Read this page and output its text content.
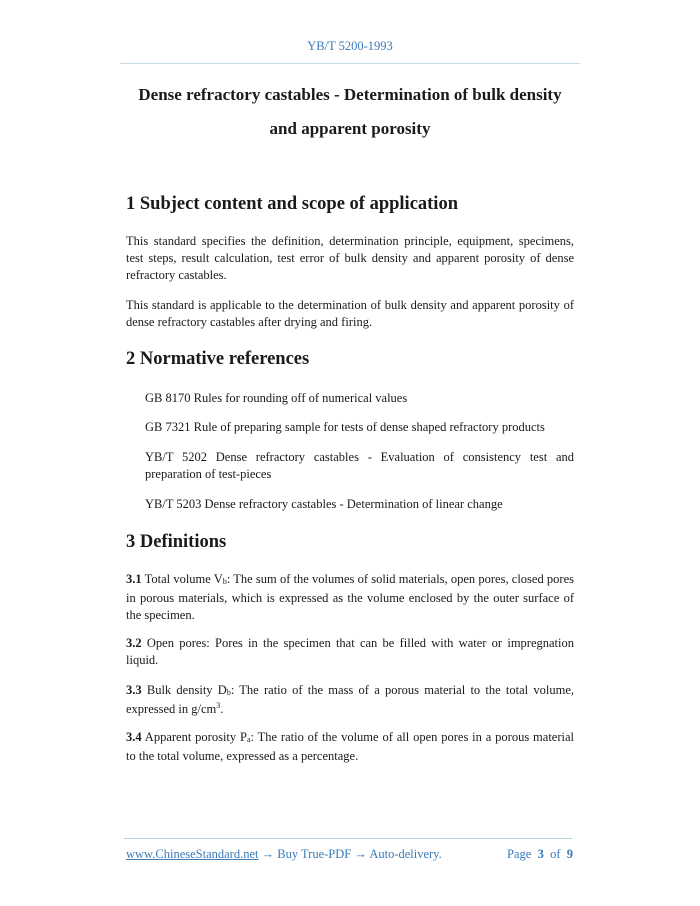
YB/T 5200-1993
Dense refractory castables - Determination of bulk density
and apparent porosity
1 Subject content and scope of application

This standard specifies the definition, determination principle, equipment, specimens, test steps, result calculation, test error of bulk density and apparent porosity of dense refractory castables.

This standard is applicable to the determination of bulk density and apparent porosity of dense refractory castables after drying and firing.

2 Normative references

GB 8170 Rules for rounding off of numerical values

GB 7321 Rule of preparing sample for tests of dense shaped refractory products

YB/T 5202 Dense refractory castables - Evaluation of consistency test and preparation of test-pieces

YB/T 5203 Dense refractory castables - Determination of linear change

3 Definitions

3.1 Total volume $V_b$: The sum of the volumes of solid materials, open pores, closed pores in porous materials, which is expressed as the volume enclosed by the outer surface of the specimen.

3.2 Open pores: Pores in the specimen that can be filled with water or impregnation liquid.

3.3 Bulk density $D_b$: The ratio of the mass of a porous material to the total volume, expressed in $g/cm^3$.

3.4 Apparent porosity $P_a$: The ratio of the volume of all open pores in a porous material to the total volume, expressed as a percentage.

www.ChineseStandard.net → Buy True-PDF → Auto-delivery.	Page 3 of 9
